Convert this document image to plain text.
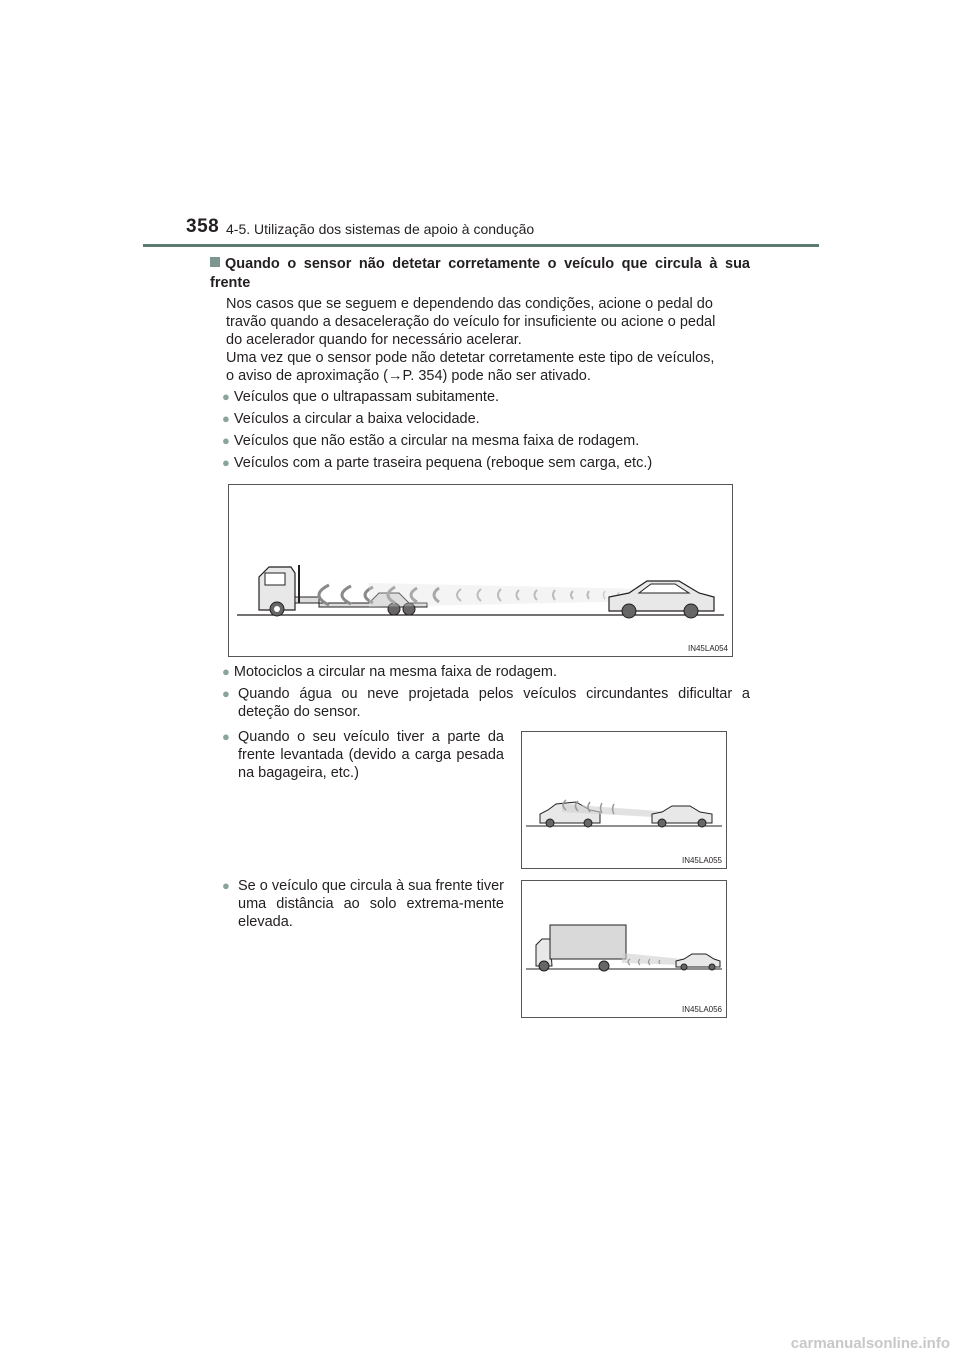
358 4-5. Utilização dos sistemas de apoio à condução
Quando o sensor não detetar corretamente o veículo que circula à sua frente
Nos casos que se seguem e dependendo das condições, acione o pedal do
travão quando a desaceleração do veículo for insuficiente ou acione o pedal
do acelerador quando for necessário acelerar.
Uma vez que o sensor pode não detetar corretamente este tipo de veículos,
o aviso de aproximação (→P. 354) pode não ser ativado.
● Veículos que o ultrapassam subitamente.
● Veículos a circular a baixa velocidade.
● Veículos que não estão a circular na mesma faixa de rodagem.
● Veículos com a parte traseira pequena (reboque sem carga, etc.)
IN45LA054
● Motociclos a circular na mesma faixa de rodagem.
● Quando água ou neve projetada pelos veículos circundantes dificultar a deteção do sensor.
● Quando o seu veículo tiver a parte da frente levantada (devido a carga pesada na bagageira, etc.)
IN45LA055
● Se o veículo que circula à sua frente tiver uma distância ao solo extrema-mente elevada.
IN45LA056
carmanualsonline.info
